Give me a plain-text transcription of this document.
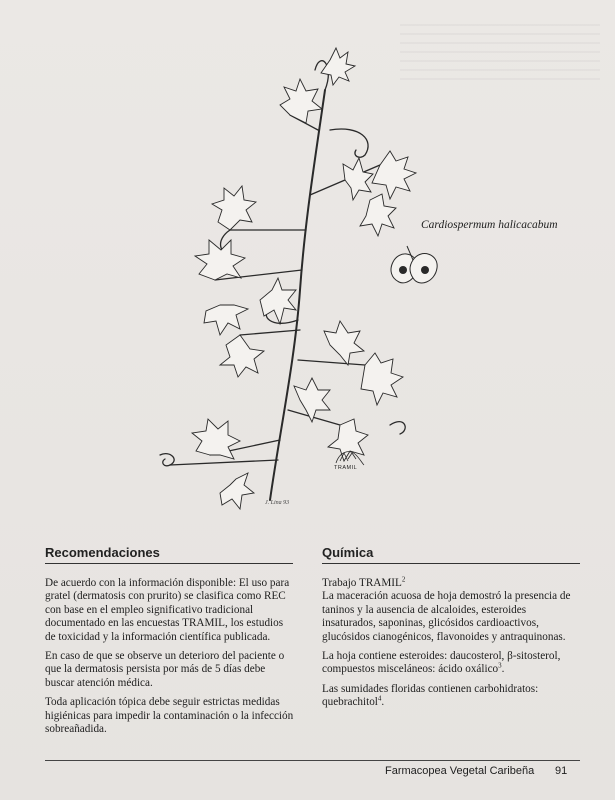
Cardiospermum halicacabum
TRAMIL
J. Lina 93
Recomendaciones

De acuerdo con la información disponible: El uso para gratel (dermatosis con prurito) se clasifica como REC con base en el empleo significativo tradicional documentado en las encuestas TRAMIL, los estudios de toxicidad y la información científica publicada.

En caso de que se observe un deterioro del paciente o que la dermatosis persista por más de 5 días debe buscar atención médica.

Toda aplicación tópica debe seguir estrictas medidas higiénicas para impedir la contaminación o la infección sobreañadida.

Química

Trabajo TRAMIL$^2$
La maceración acuosa de hoja demostró la presencia de taninos y la ausencia de alcaloides, esteroides insaturados, saponinas, glicósidos cardioactivos, glucósidos cianogénicos, flavonoides y antraquinonas.

La hoja contiene esteroides: daucosterol, β-sitosterol, compuestos misceláneos: ácido oxálico$^3$.

Las sumidades floridas contienen carbohidratos: quebrachitol$^4$.

Farmacopea Vegetal Caribeña 91
